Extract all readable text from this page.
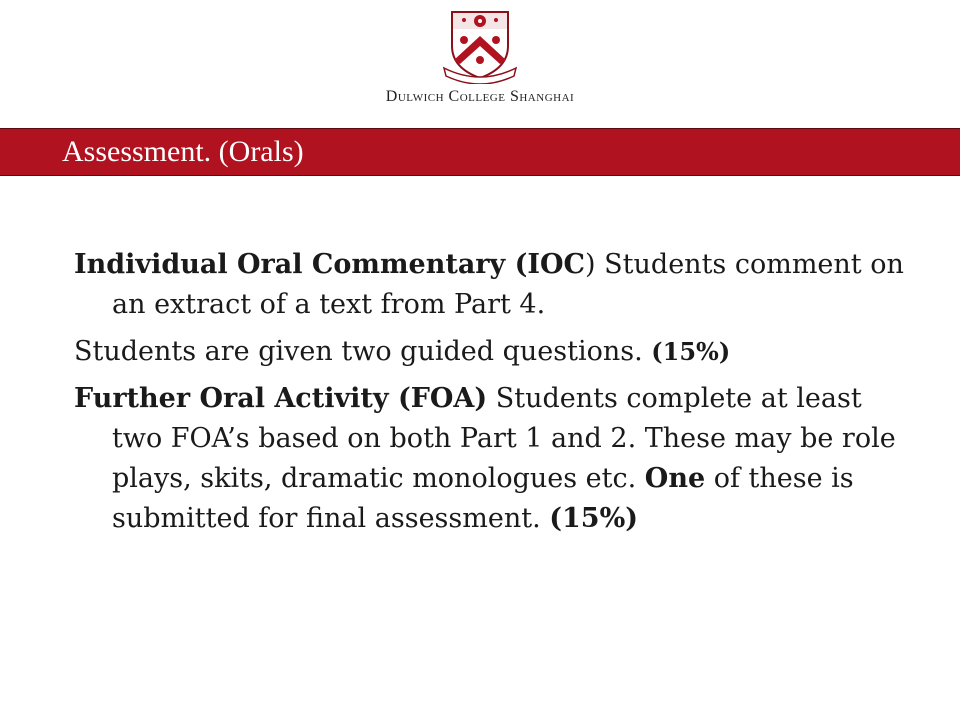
Dulwich College Shanghai
Assessment. (Orals)

Individual Oral Commentary (IOC) Students comment on an extract of a text from Part 4.

Students are given two guided questions. (15%)

Further Oral Activity (FOA) Students complete at least two FOA’s based on both Part 1 and 2. These may be role plays, skits, dramatic monologues etc. One of these is submitted for final assessment. (15%)
